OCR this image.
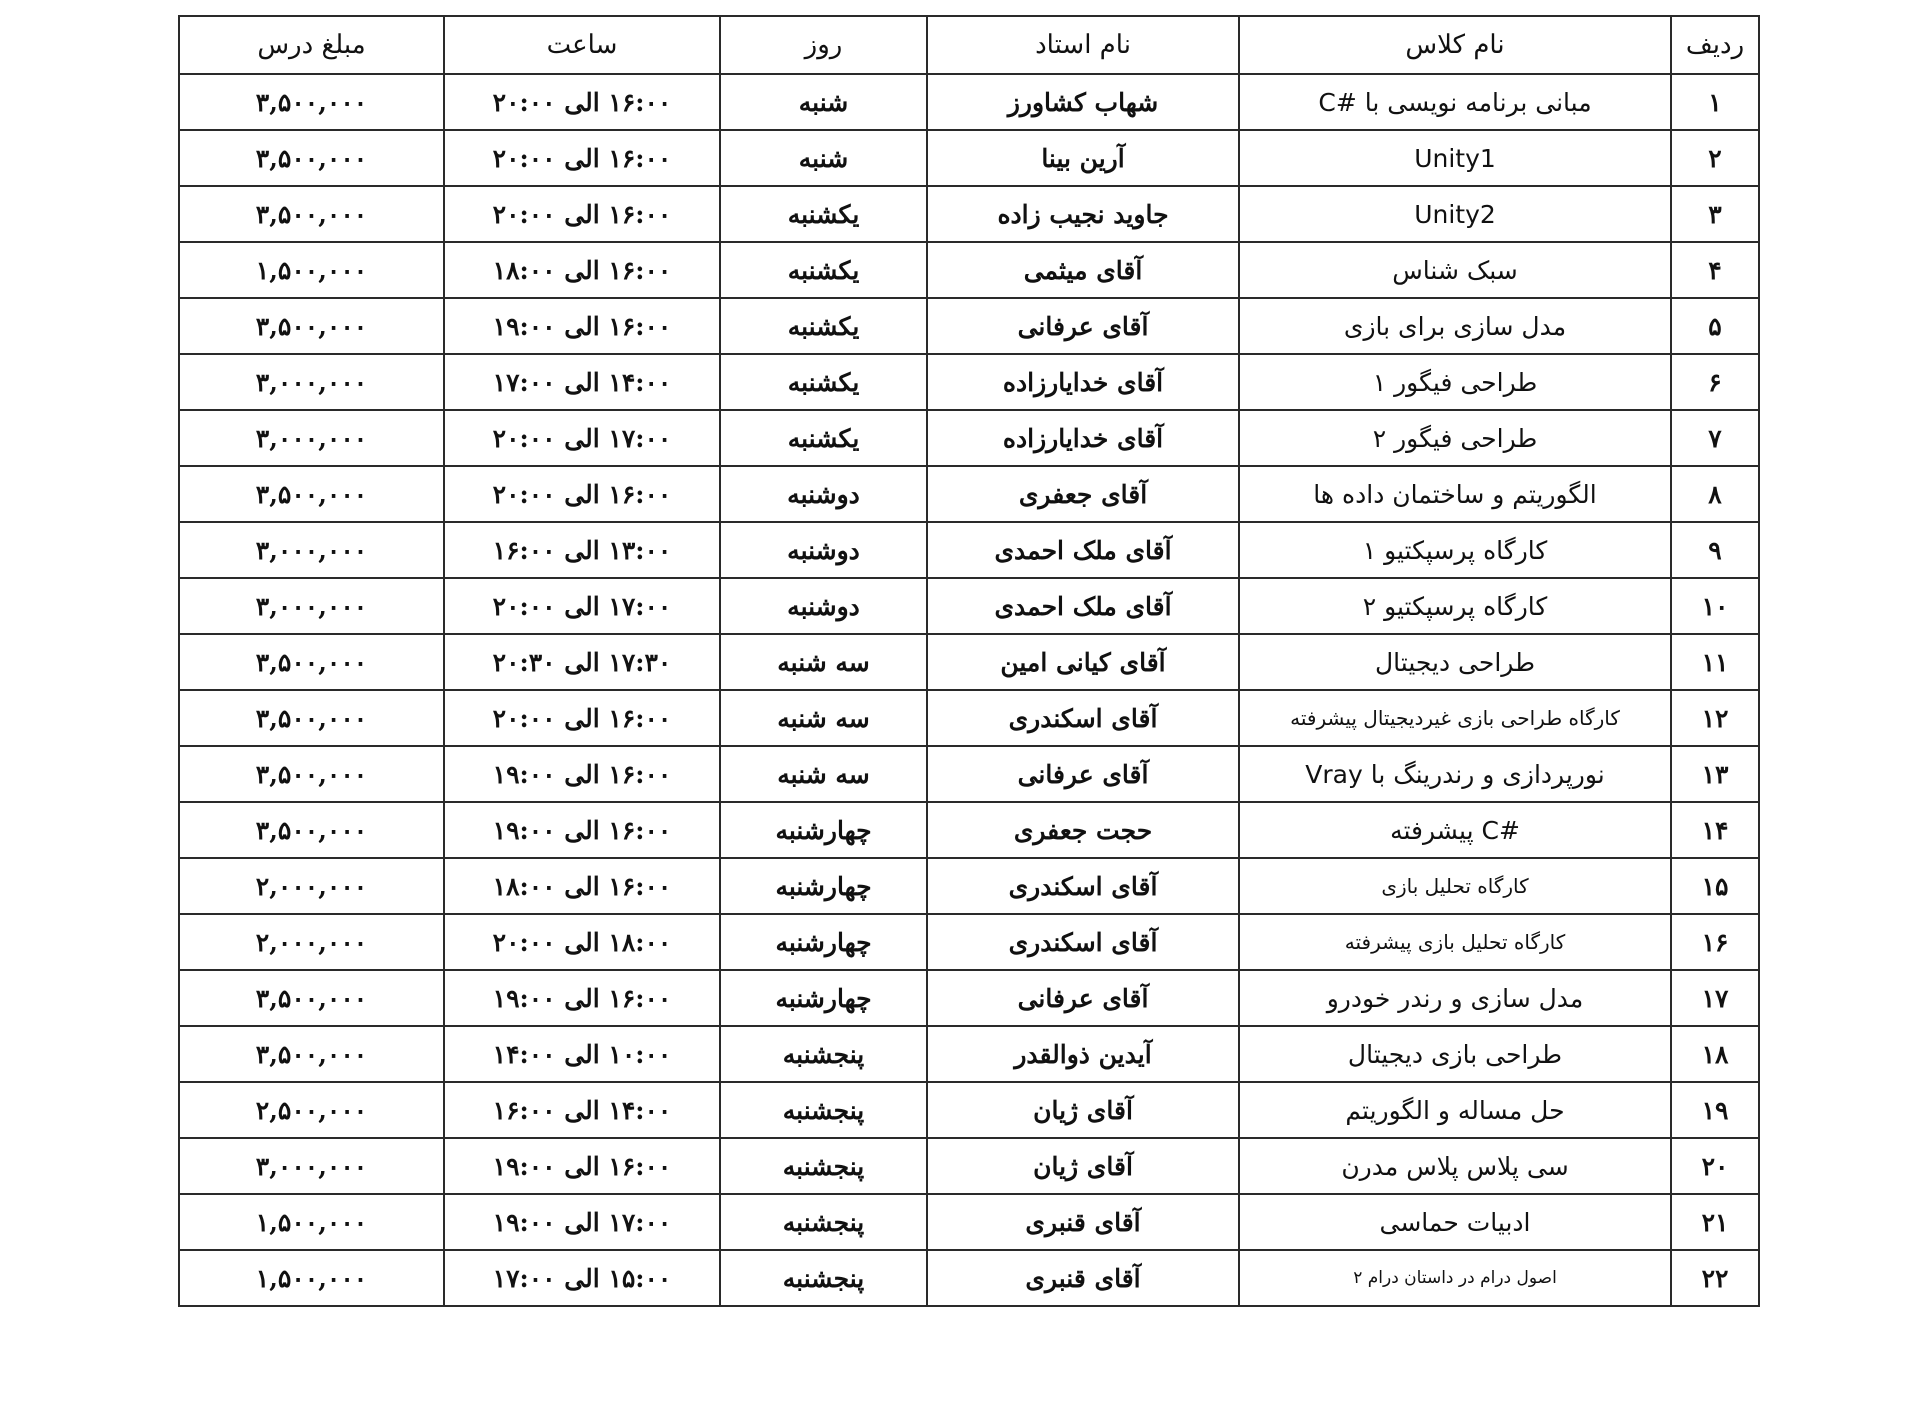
ردیف	نام کلاس	نام استاد	روز	ساعت	مبلغ درس
۱	مبانی برنامه نویسی با #C	شهاب کشاورز	شنبه	۱۶:۰۰ الی ۲۰:۰۰	۳,۵۰۰,۰۰۰
۲	Unity1	آرین بینا	شنبه	۱۶:۰۰ الی ۲۰:۰۰	۳,۵۰۰,۰۰۰
۳	Unity2	جاوید نجیب زاده	یکشنبه	۱۶:۰۰ الی ۲۰:۰۰	۳,۵۰۰,۰۰۰
۴	سبک شناس	آقای میثمی	یکشنبه	۱۶:۰۰ الی ۱۸:۰۰	۱,۵۰۰,۰۰۰
۵	مدل سازی برای بازی	آقای عرفانی	یکشنبه	۱۶:۰۰ الی ۱۹:۰۰	۳,۵۰۰,۰۰۰
۶	طراحی فیگور ۱	آقای خدایارزاده	یکشنبه	۱۴:۰۰ الی ۱۷:۰۰	۳,۰۰۰,۰۰۰
۷	طراحی فیگور ۲	آقای خدایارزاده	یکشنبه	۱۷:۰۰ الی ۲۰:۰۰	۳,۰۰۰,۰۰۰
۸	الگوریتم و ساختمان داده ها	آقای جعفری	دوشنبه	۱۶:۰۰ الی ۲۰:۰۰	۳,۵۰۰,۰۰۰
۹	کارگاه پرسپکتیو ۱	آقای ملک احمدی	دوشنبه	۱۳:۰۰ الی ۱۶:۰۰	۳,۰۰۰,۰۰۰
۱۰	کارگاه پرسپکتیو ۲	آقای ملک احمدی	دوشنبه	۱۷:۰۰ الی ۲۰:۰۰	۳,۰۰۰,۰۰۰
۱۱	طراحی دیجیتال	آقای کیانی امین	سه شنبه	۱۷:۳۰ الی ۲۰:۳۰	۳,۵۰۰,۰۰۰
۱۲	کارگاه طراحی بازی غیردیجیتال پیشرفته	آقای اسکندری	سه شنبه	۱۶:۰۰ الی ۲۰:۰۰	۳,۵۰۰,۰۰۰
۱۳	نورپردازی و رندرینگ با Vray	آقای عرفانی	سه شنبه	۱۶:۰۰ الی ۱۹:۰۰	۳,۵۰۰,۰۰۰
۱۴	#C پیشرفته	حجت جعفری	چهارشنبه	۱۶:۰۰ الی ۱۹:۰۰	۳,۵۰۰,۰۰۰
۱۵	کارگاه تحلیل بازی	آقای اسکندری	چهارشنبه	۱۶:۰۰ الی ۱۸:۰۰	۲,۰۰۰,۰۰۰
۱۶	کارگاه تحلیل بازی پیشرفته	آقای اسکندری	چهارشنبه	۱۸:۰۰ الی ۲۰:۰۰	۲,۰۰۰,۰۰۰
۱۷	مدل سازی و رندر خودرو	آقای عرفانی	چهارشنبه	۱۶:۰۰ الی ۱۹:۰۰	۳,۵۰۰,۰۰۰
۱۸	طراحی بازی دیجیتال	آیدین ذوالقدر	پنجشنبه	۱۰:۰۰ الی ۱۴:۰۰	۳,۵۰۰,۰۰۰
۱۹	حل مساله و الگوریتم	آقای ژیان	پنجشنبه	۱۴:۰۰ الی ۱۶:۰۰	۲,۵۰۰,۰۰۰
۲۰	سی پلاس پلاس مدرن	آقای ژیان	پنجشنبه	۱۶:۰۰ الی ۱۹:۰۰	۳,۰۰۰,۰۰۰
۲۱	ادبیات حماسی	آقای قنبری	پنجشنبه	۱۷:۰۰ الی ۱۹:۰۰	۱,۵۰۰,۰۰۰
۲۲	اصول درام در داستان درام ۲	آقای قنبری	پنجشنبه	۱۵:۰۰ الی ۱۷:۰۰	۱,۵۰۰,۰۰۰
